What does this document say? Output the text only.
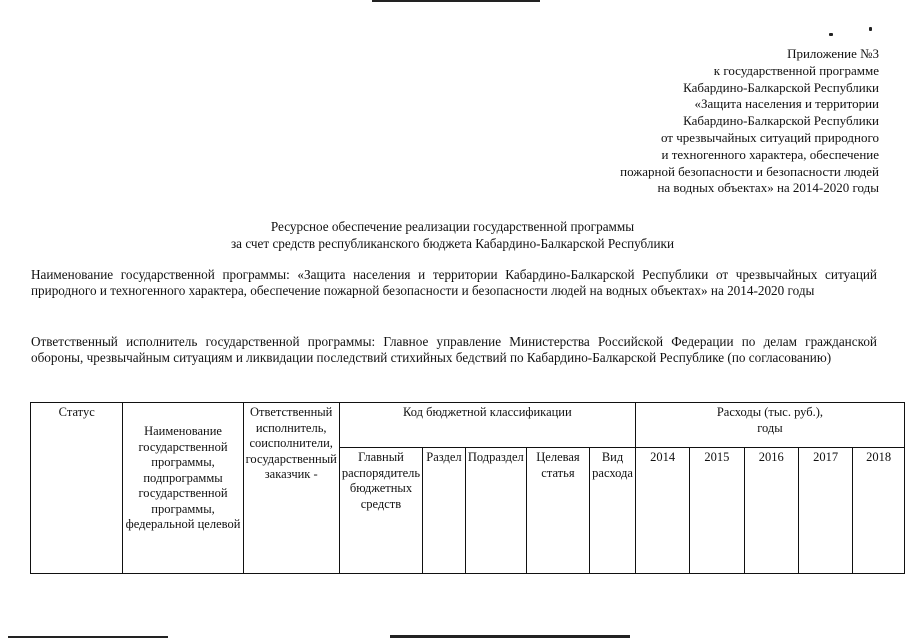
Приложение №3
к государственной программе
Кабардино-Балкарской Республики
«Защита населения и территории
Кабардино-Балкарской Республики
от чрезвычайных ситуаций природного
и техногенного характера, обеспечение
пожарной безопасности и безопасности людей
на водных объектах» на 2014-2020 годы
Ресурсное обеспечение реализации государственной программы
за счет средств республиканского бюджета Кабардино-Балкарской Республики
Наименование государственной программы: «Защита населения и территории Кабардино-Балкарской Республики от чрезвычайных ситуаций природного и техногенного характера, обеспечение пожарной безопасности и безопасности людей на водных объектах» на 2014-2020 годы
Ответственный исполнитель государственной программы: Главное управление Министерства Российской Федерации по делам гражданской обороны, чрезвычайным ситуациям и ликвидации последствий стихийных бедствий по Кабардино-Балкарской Республике (по согласованию)
Статус	Наименование государственной программы, подпрограммы государственной программы, федеральной целевой	Ответственный исполнитель, соисполнители, государственный заказчик -	Код бюджетной классификации					Расходы (тыс. руб.),
годы				

			Главный распорядитель бюджетных средств	Раздел	Подраздел	Целевая статья	Вид расхода	2014	2015	2016	2017	2018
